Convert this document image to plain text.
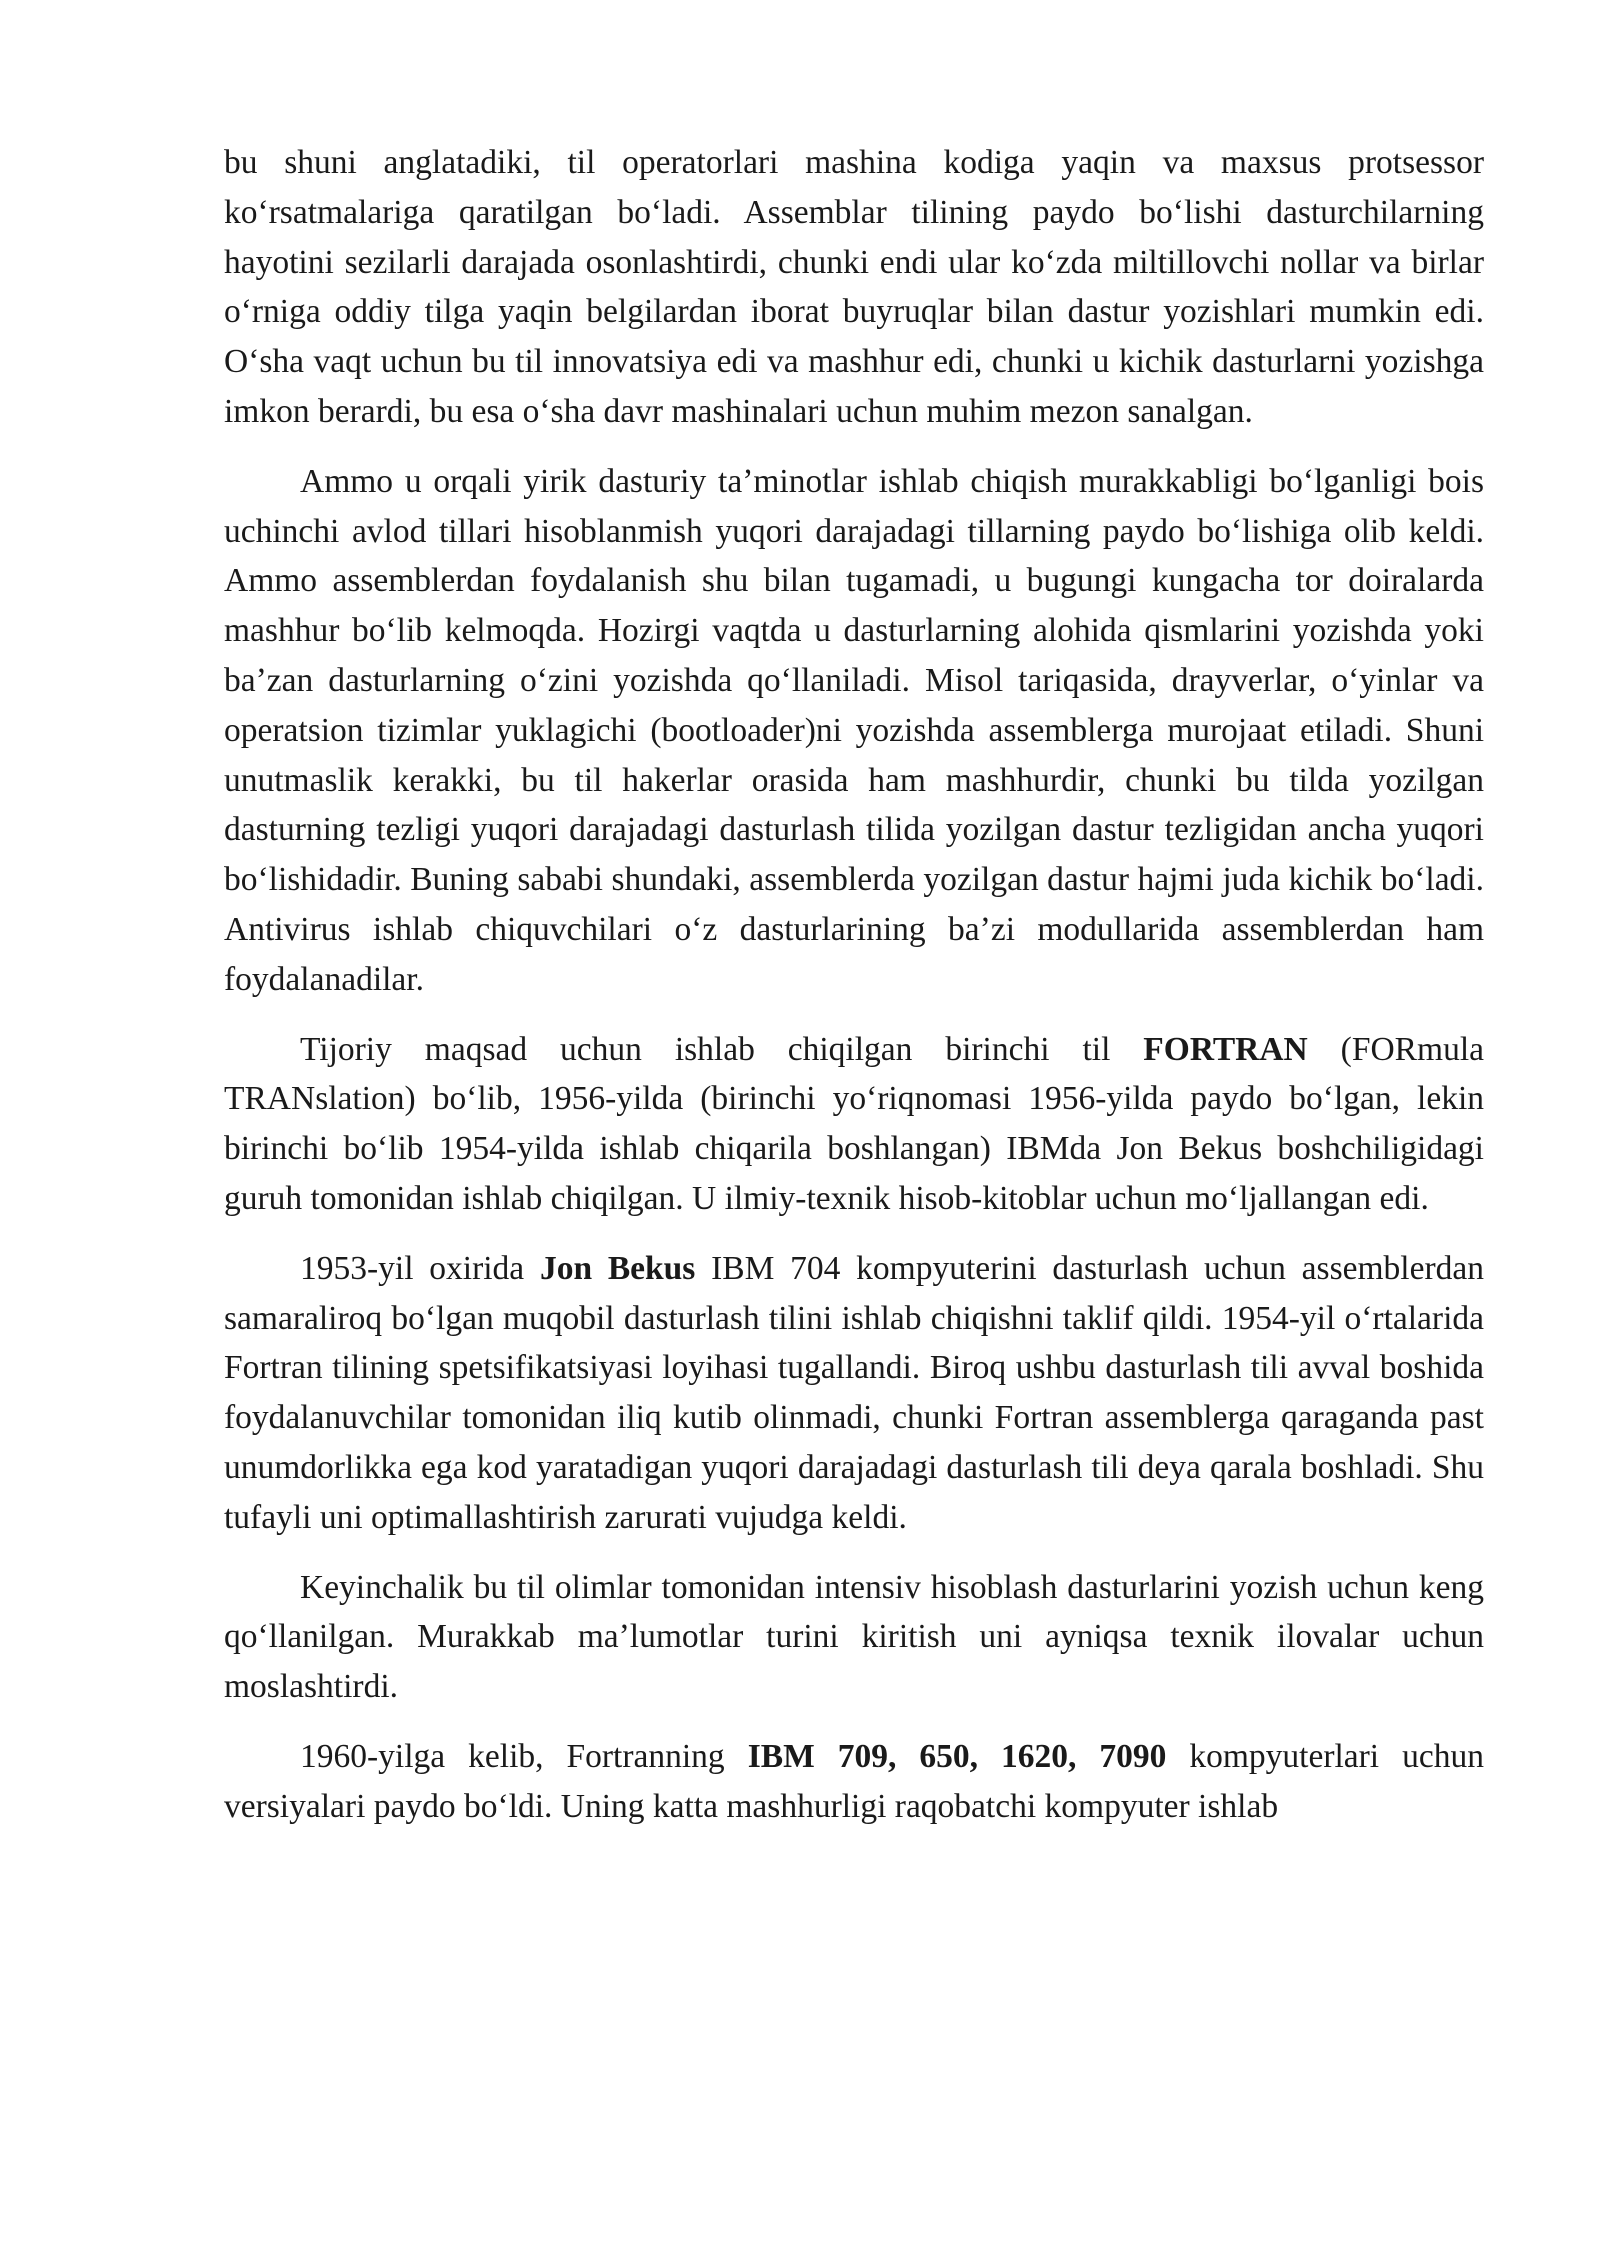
bu shuni anglatadiki, til operatorlari mashina kodiga yaqin va maxsus protsessor koʻrsatmalariga qaratilgan boʻladi. Assemblar tilining paydo boʻlishi dasturchilarning hayotini sezilarli darajada osonlashtirdi, chunki endi ular koʻzda miltillovchi nollar va birlar oʻrniga oddiy tilga yaqin belgilardan iborat buyruqlar bilan dastur yozishlari mumkin edi. Oʻsha vaqt uchun bu til innovatsiya edi va mashhur edi, chunki u kichik dasturlarni yozishga imkon berardi, bu esa oʻsha davr mashinalari uchun muhim mezon sanalgan.

Ammo u orqali yirik dasturiy taʼminotlar ishlab chiqish murakkabligi boʻlganligi bois uchinchi avlod tillari hisoblanmish yuqori darajadagi tillarning paydo boʻlishiga olib keldi. Ammo assemblerdan foydalanish shu bilan tugamadi, u bugungi kungacha tor doiralarda mashhur boʻlib kelmoqda. Hozirgi vaqtda u dasturlarning alohida qismlarini yozishda yoki baʼzan dasturlarning oʻzini yozishda qoʻllaniladi. Misol tariqasida, drayverlar, oʻyinlar va operatsion tizimlar yuklagichi (bootloader)ni yozishda assemblerga murojaat etiladi. Shuni unutmaslik kerakki, bu til hakerlar orasida ham mashhurdir, chunki bu tilda yozilgan dasturning tezligi yuqori darajadagi dasturlash tilida yozilgan dastur tezligidan ancha yuqori boʻlishidadir. Buning sababi shundaki, assemblerda yozilgan dastur hajmi juda kichik boʻladi. Antivirus ishlab chiquvchilari oʻz dasturlarining baʼzi modullarida assemblerdan ham foydalanadilar.

Tijoriy maqsad uchun ishlab chiqilgan birinchi til FORTRAN (FORmula TRANslation) boʻlib, 1956-yilda (birinchi yoʻriqnomasi 1956-yilda paydo boʻlgan, lekin birinchi boʻlib 1954-yilda ishlab chiqarila boshlangan) IBMda Jon Bekus boshchiligidagi guruh tomonidan ishlab chiqilgan. U ilmiy-texnik hisob-kitoblar uchun moʻljallangan edi.

1953-yil oxirida Jon Bekus IBM 704 kompyuterini dasturlash uchun assemblerdan samaraliroq boʻlgan muqobil dasturlash tilini ishlab chiqishni taklif qildi. 1954-yil oʻrtalarida Fortran tilining spetsifikatsiyasi loyihasi tugallandi. Biroq ushbu dasturlash tili avval boshida foydalanuvchilar tomonidan iliq kutib olinmadi, chunki Fortran assemblerga qaraganda past unumdorlikka ega kod yaratadigan yuqori darajadagi dasturlash tili deya qarala boshladi. Shu tufayli uni optimallashtirish zarurati vujudga keldi.

Keyinchalik bu til olimlar tomonidan intensiv hisoblash dasturlarini yozish uchun keng qoʻllanilgan. Murakkab maʼlumotlar turini kiritish uni ayniqsa texnik ilovalar uchun moslashtirdi.

1960-yilga kelib, Fortranning IBM 709, 650, 1620, 7090 kompyuterlari uchun versiyalari paydo boʻldi. Uning katta mashhurligi raqobatchi kompyuter ishlab
